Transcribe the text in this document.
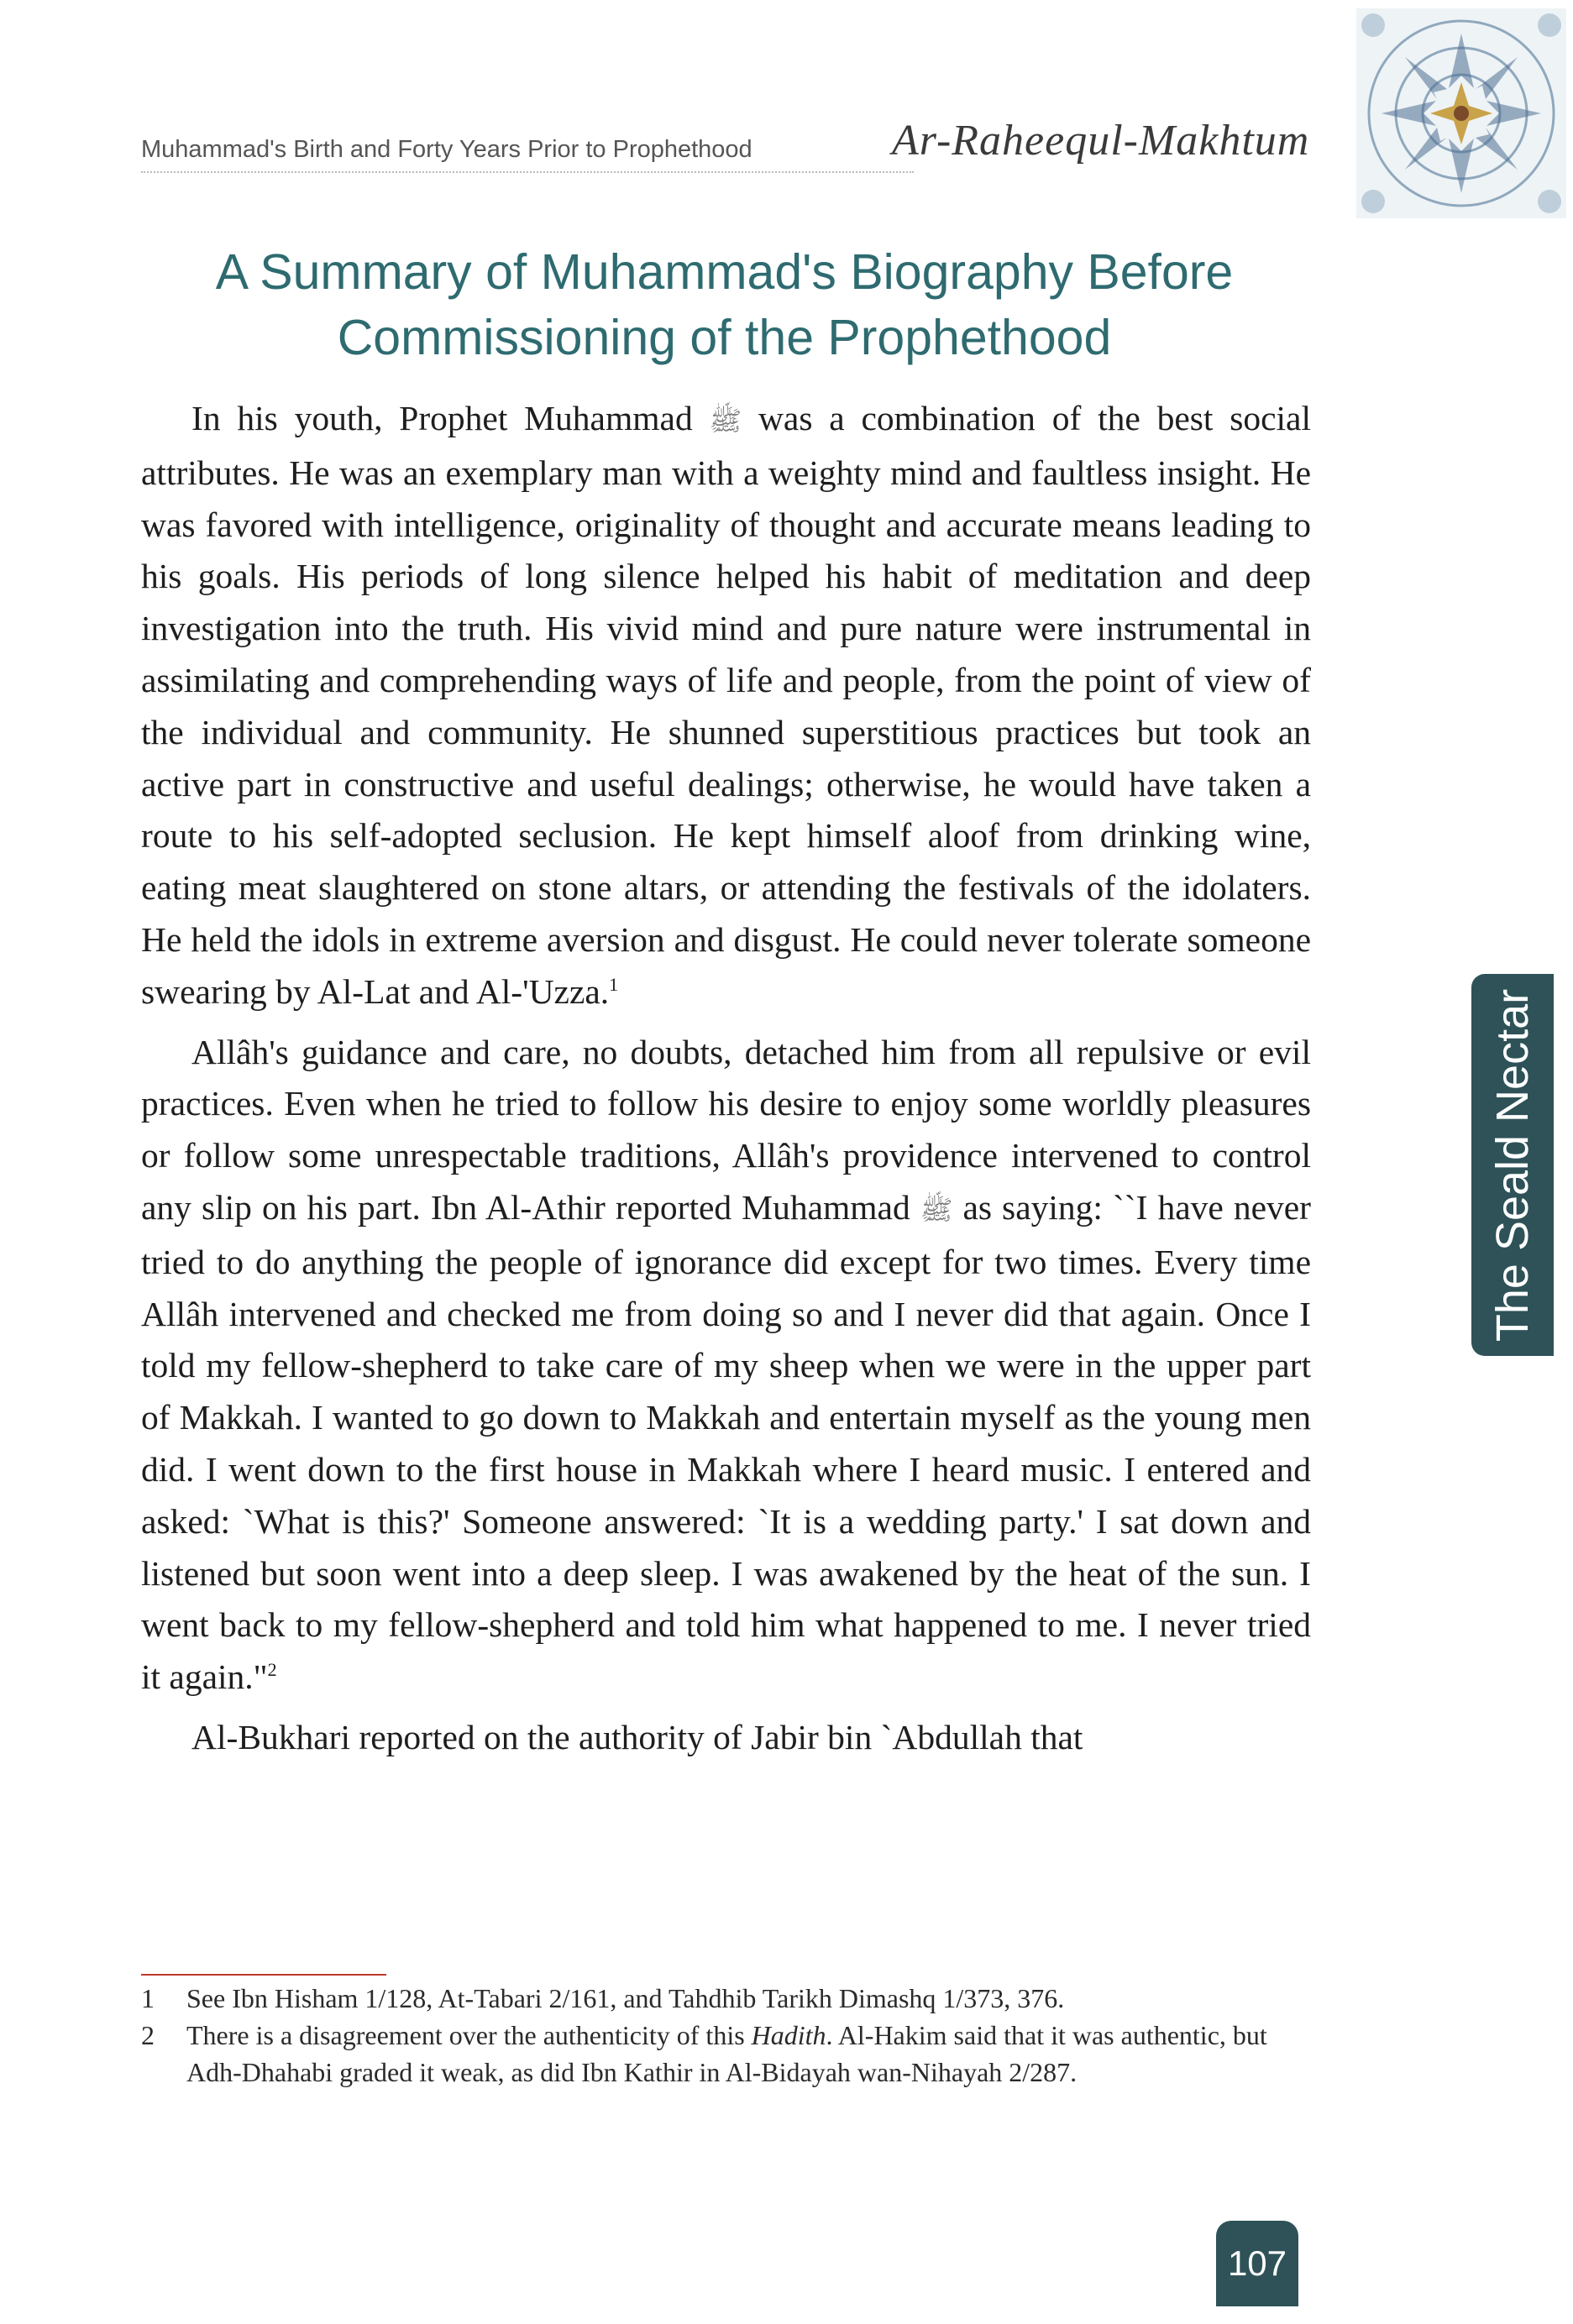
Muhammad's Birth and Forty Years Prior to Prophethood	Ar-Raheequl-Makhtum
A Summary of Muhammad's Biography Before Commissioning of the Prophethood

In his youth, Prophet Muhammad ﷺ was a combination of the best social attributes. He was an exemplary man with a weighty mind and faultless insight. He was favored with intelligence, originality of thought and accurate means leading to his goals. His periods of long silence helped his habit of meditation and deep investigation into the truth. His vivid mind and pure nature were instrumental in assimilating and comprehending ways of life and people, from the point of view of the individual and community. He shunned superstitious practices but took an active part in constructive and useful dealings; otherwise, he would have taken a route to his self-adopted seclusion. He kept himself aloof from drinking wine, eating meat slaughtered on stone altars, or attending the festivals of the idolaters. He held the idols in extreme aversion and disgust. He could never tolerate someone swearing by Al-Lat and Al-'Uzza.$^1$

Allâh's guidance and care, no doubts, detached him from all repulsive or evil practices. Even when he tried to follow his desire to enjoy some worldly pleasures or follow some unrespectable traditions, Allâh's providence intervened to control any slip on his part. Ibn Al-Athir reported Muhammad ﷺ as saying: ``I have never tried to do anything the people of ignorance did except for two times. Every time Allâh intervened and checked me from doing so and I never did that again. Once I told my fellow-shepherd to take care of my sheep when we were in the upper part of Makkah. I wanted to go down to Makkah and entertain myself as the young men did. I went down to the first house in Makkah where I heard music. I entered and asked: `What is this?' Someone answered: `It is a wedding party.' I sat down and listened but soon went into a deep sleep. I was awakened by the heat of the sun. I went back to my fellow-shepherd and told him what happened to me. I never tried it again."$^2$

Al-Bukhari reported on the authority of Jabir bin `Abdullah that

1	See Ibn Hisham 1/128, At-Tabari 2/161, and Tahdhib Tarikh Dimashq 1/373, 376.
2	There is a disagreement over the authenticity of this Hadith. Al-Hakim said that it was authentic, but Adh-Dhahabi graded it weak, as did Ibn Kathir in Al-Bidayah wan-Nihayah 2/287.
The Seald Nectar
107
